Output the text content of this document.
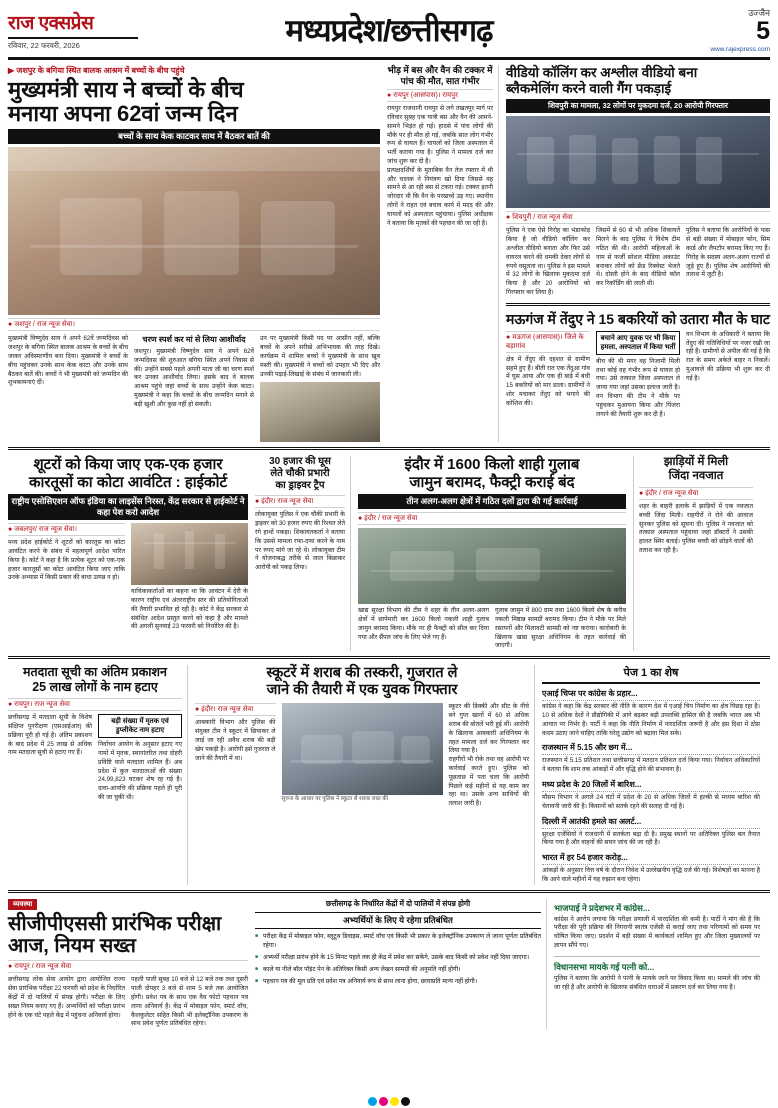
राज एक्सप्रेस
रविवार, 22 फरवरी, 2026	मध्यप्रदेश/छत्तीसगढ़	उज्जैन
5
www.rajexpress.com
▶ जशपुर के बगिया स्थित बालक आश्रम में बच्चों के बीच पहुंचे
मुख्यमंत्री साय ने बच्चों के बीच
मनाया अपना 62वां जन्म दिन
बच्चों के साथ केक काटकर साथ में बैठकर बातें की
● जशपुर / राज न्यूज सेवा।

मुख्यमंत्री विष्णुदेव साय ने अपने 62वें जन्मदिवस को जशपुर के बगिया स्थित बालक आश्रम के बच्चों के बीच जाकर अविस्मरणीय बना दिया। मुख्यमंत्री ने बच्चों के बीच पहुंचकर उनके साथ केक काटा और उनके साथ बैठकर बातें की। बच्चों ने भी मुख्यमंत्री को जन्मदिन की शुभकामनाएं दीं।

चरण स्पर्श कर मां से लिया आशीर्वाद

जशपुर। मुख्यमंत्री विष्णुदेव साय ने अपने 62वें जन्मदिवस की शुरुआत बगिया स्थित अपने निवास से की। उन्होंने सबसे पहले अपनी माता जी का चरण स्पर्श कर उनका आशीर्वाद लिया। इसके बाद वे बालक आश्रम पहुंचे जहां बच्चों के साथ उन्होंने केक काटा। मुख्यमंत्री ने कहा कि बच्चों के बीच जन्मदिन मनाने से बड़ी खुशी और कुछ नहीं हो सकती।

उन पर मुख्यमंत्री किसी पद पर आसीन नहीं, बल्कि बच्चों के अपने सरीखे अभिभावक की तरह दिखे। कार्यक्रम में शामिल बच्चों ने मुख्यमंत्री के साथ खूब मस्ती की। मुख्यमंत्री ने बच्चों को उपहार भी दिए और उनकी पढ़ाई-लिखाई के संबंध में जानकारी ली।

भीड़ में बस और वैन की टक्कर में पांच की मौत, सात गंभीर
● रायपुर (आसपास)। रायपुर

रायपुर राजधानी रायपुर से लगे तखतपुर मार्ग पर रविवार सुबह एक यात्री बस और वैन की आमने-सामने भिड़ंत हो गई। हादसे में पांच लोगों की मौके पर ही मौत हो गई, जबकि सात लोग गंभीर रूप से घायल हैं। घायलों को जिला अस्पताल में भर्ती कराया गया है। पुलिस ने मामला दर्ज कर जांच शुरू कर दी है।

प्रत्यक्षदर्शियों के मुताबिक वैन तेज रफ्तार में थी और चालक ने नियंत्रण खो दिया जिससे वह सामने से आ रही बस से टकरा गई। टक्कर इतनी जोरदार थी कि वैन के परखच्चे उड़ गए। स्थानीय लोगों ने राहत एवं बचाव कार्य में मदद की और घायलों को अस्पताल पहुंचाया। पुलिस अधीक्षक ने बताया कि मृतकों की पहचान की जा रही है।

वीडियो कॉलिंग कर अश्लील वीडियो बना
ब्लैकमेलिंग करने वाली गैंग पकड़ाई
शिवपुरी का मामला, 32 लोगों पर मुकदमा दर्ज, 20 आरोपी गिरफ्तार
● शिवपुरी / राज न्यूज सेवा

पुलिस ने एक ऐसे गिरोह का भंडाफोड़ किया है जो वीडियो कॉलिंग कर अश्लील वीडियो बनाता और फिर उसे वायरल करने की धमकी देकर लोगों से रुपये वसूलता था। पुलिस ने इस मामले में 32 लोगों के खिलाफ मुकदमा दर्ज किया है और 20 आरोपियों को गिरफ्तार कर लिया है।

जिसमें से 60 से भी अधिक शिकायतें मिलने के बाद पुलिस ने विशेष टीम गठित की थी। आरोपी महिलाओं के नाम से फर्जी सोशल मीडिया अकाउंट बनाकर लोगों को फ्रेंड रिक्वेस्ट भेजते थे। दोस्ती होने के बाद वीडियो कॉल कर रिकॉर्डिंग की जाती थी।

पुलिस ने बताया कि आरोपियों के पास से बड़ी संख्या में मोबाइल फोन, सिम कार्ड और लैपटॉप बरामद किए गए हैं। गिरोह के सदस्य अलग-अलग राज्यों से जुड़े हुए हैं। पुलिस शेष आरोपियों की तलाश में जुटी है।

मऊगंज में तेंदुए ने 15 बकरियों को उतारा मौत के घाट
● मऊगंज (आसपास)। जिले के बड़ागांव

क्षेत्र में तेंदुए की दहशत से ग्रामीण सहमे हुए हैं। बीती रात एक तेंदुआ गांव में घुस आया और एक ही बाड़े में बंधी 15 बकरियों को मार डाला। ग्रामीणों ने शोर मचाकर तेंदुए को भगाने की कोशिश की।

बचाने आए युवक पर भी किया हमला, अस्पताल में किया भर्ती

बीच की थी मगर वह निजामी मिली तथा कोई वह गंभीर रूप से घायल हो गया। उसे तत्काल जिला अस्पताल ले जाया गया जहां उसका इलाज जारी है। वन विभाग की टीम ने मौके पर पहुंचकर मुआयना किया और पिंजरा लगाने की तैयारी शुरू कर दी है।

वन विभाग के अधिकारी ने बताया कि तेंदुए की गतिविधियों पर नजर रखी जा रही है। ग्रामीणों से अपील की गई है कि रात के समय अकेले बाहर न निकलें। मुआवजे की प्रक्रिया भी शुरू कर दी गई है।

शूटरों को किया जाए एक-एक हजार
कारतूसों का कोटा आवंटित : हाईकोर्ट
राष्ट्रीय एसोसिएशन ऑफ इंडिया का लाइसेंस निरस्त, केंद्र सरकार से हाईकोर्ट ने कहा पेश करो आदेश
● जबलपुर/ राज न्यूज सेवा।

मध्य प्रदेश हाईकोर्ट ने शूटरों को कारतूस का कोटा आवंटित करने के संबंध में महत्वपूर्ण आदेश पारित किया है। कोर्ट ने कहा है कि प्रत्येक शूटर को एक-एक हजार कारतूसों का कोटा आवंटित किया जाए ताकि उनके अभ्यास में किसी प्रकार की बाधा उत्पन्न न हो।

याचिकाकर्ताओं का कहना था कि आवंटन में देरी के कारण राष्ट्रीय एवं अंतरराष्ट्रीय स्तर की प्रतियोगिताओं की तैयारी प्रभावित हो रही है। कोर्ट ने केंद्र सरकार से संबंधित आदेश प्रस्तुत करने को कहा है और मामले की अगली सुनवाई 23 फरवरी को निर्धारित की है।

30 हजार की घूस
लेते चौकी प्रभारी
का ड्राइवर ट्रैप
● इंदौर। राज न्यूज सेवा

लोकायुक्त पुलिस ने एक चौकी प्रभारी के ड्राइवर को 30 हजार रुपए की रिश्वत लेते रंगे हाथों पकड़ा। शिकायतकर्ता ने बताया कि उससे मामला रफा-दफा करने के नाम पर रुपए मांगे जा रहे थे। लोकायुक्त टीम ने योजनाबद्ध तरीके से जाल बिछाकर आरोपी को पकड़ लिया।

इंदौर में 1600 किलो शाही गुलाब
जामुन बरामद, फैक्ट्री कराई बंद
तीन अलग-अलग क्षेत्रों में गठित दलों द्वारा की गई कार्रवाई
● इंदौर / राज न्यूज सेवा

खाद्य सुरक्षा विभाग की टीम ने शहर के तीन अलग-अलग क्षेत्रों में छापेमारी कर 1600 किलो नकली शाही गुलाब जामुन बरामद किया। मौके पर ही फैक्ट्री को सील कर दिया गया और सैंपल जांच के लिए भेजे गए हैं।

गुलाब जामुन में 800 ग्राम तथा 1600 किलो शेष के करीब नकली मिष्ठान्न सामग्री बरामद किया। टीम ने मौके पर मिले रसायनों और मिलावटी सामग्री को नष्ट कराया। कारोबारी के खिलाफ खाद्य सुरक्षा अधिनियम के तहत कार्रवाई की जाएगी।

झाड़ियों में मिली
जिंदा नवजात
● इंदौर / राज न्यूज सेवा

शहर के बाहरी इलाके में झाड़ियों में एक नवजात बच्ची जिंदा मिली। राहगीरों ने रोने की आवाज सुनकर पुलिस को सूचना दी। पुलिस ने नवजात को तत्काल अस्पताल पहुंचाया जहां डॉक्टरों ने उसकी हालत स्थिर बताई। पुलिस बच्ची को छोड़ने वालों की तलाश कर रही है।

मतदाता सूची का अंतिम प्रकाशन
25 लाख लोगों के नाम हटाए
● रायपुर। राज न्यूज सेवा

छत्तीसगढ़ में मतदाता सूची के विशेष संक्षिप्त पुनरीक्षण (एसआईआर) की प्रक्रिया पूरी हो गई है। अंतिम प्रकाशन के बाद प्रदेश में 25 लाख से अधिक नाम मतदाता सूची से हटाए गए हैं।

बड़ी संख्या में मृतक एवं डुप्लीकेट नाम हटाए

निर्वाचन आयोग के अनुसार हटाए गए नामों में मृतक, स्थानांतरित तथा दोहरी प्रविष्टि वाले मतदाता शामिल हैं। अब प्रदेश में कुल मतदाताओं की संख्या 24,99,823 घटकर शेष रह गई है। दावा-आपत्ति की प्रक्रिया पहले ही पूरी की जा चुकी थी।

स्कूटरें में शराब की तस्करी, गुजरात ले
जाने की तैयारी में एक युवक गिरफ्तार
● इंदौर। राज न्यूज सेवा

आबकारी विभाग और पुलिस की संयुक्त टीम ने स्कूटर में छिपाकर ले जाई जा रही अवैध शराब की बड़ी खेप पकड़ी है। आरोपी इसे गुजरात ले जाने की तैयारी में था।

सूचना के आधार पर पुलिस ने स्कूटर से शराब जब्त की

स्कूटर की डिक्की और सीट के नीचे बने गुप्त खानों में 60 से अधिक शराब की बोतलें भरी हुई थीं। आरोपी के खिलाफ आबकारी अधिनियम के तहत मामला दर्ज कर गिरफ्तार कर लिया गया है।

राहगीरों भी रोके तथा वह आरोपी पर कार्रवाई करते हुए। पुलिस को पूछताछ में पता चला कि आरोपी पिछले कई महीनों से यह काम कर रहा था। उसके अन्य साथियों की तलाश जारी है।

पेज 1 का शेष
एआई चिप्स पर कांग्रेस के प्रहार...

कांग्रेस ने कहा कि केंद्र सरकार की नीति के कारण देश में एआई चिप निर्माण का क्षेत्र पिछड़ रहा है। 10 से अधिक देशों ने प्रौद्योगिकी में आगे बढ़कर बड़ी उपलब्धि हासिल की है जबकि भारत अब भी आयात पर निर्भर है। पार्टी ने कहा कि नीति निर्माण में पारदर्शिता जरूरी है और इस दिशा में ठोस कदम उठाए जाने चाहिए ताकि घरेलू उद्योग को बढ़ावा मिल सके।

राजस्थान में 5.15 और छग में...

राजस्थान में 5.15 प्रतिशत तथा छत्तीसगढ़ में मतदान प्रतिशत दर्ज किया गया। निर्वाचन अधिकारियों ने बताया कि शाम तक आंकड़ों में और वृद्धि होने की संभावना है।

मध्य प्रदेश के 20 जिलों में बारिश...

मौसम विभाग ने अगले 24 घंटों में प्रदेश के 20 से अधिक जिलों में हल्की से मध्यम बारिश की चेतावनी जारी की है। किसानों को सतर्क रहने की सलाह दी गई है।

दिल्ली में आतंकी हमले का अलर्ट...

सुरक्षा एजेंसियों ने राजधानी में सतर्कता बढ़ा दी है। प्रमुख स्थानों पर अतिरिक्त पुलिस बल तैनात किया गया है और वाहनों की सघन जांच की जा रही है।

भारत में हर 54 हजार करोड़...

आंकड़ों के अनुसार वित्त वर्ष के दौरान निवेश में उल्लेखनीय वृद्धि दर्ज की गई। विशेषज्ञों का मानना है कि आने वाले महीनों में यह रुझान बना रहेगा।

व्यवस्था
सीजीपीएससी प्रारंभिक परीक्षा आज, नियम सख्त
● रायपुर / राज न्यूज सेवा

छत्तीसगढ़ लोक सेवा आयोग द्वारा आयोजित राज्य सेवा प्रारंभिक परीक्षा 22 फरवरी को प्रदेश के निर्धारित केंद्रों में दो पालियों में संपन्न होगी। परीक्षा के लिए सख्त नियम बनाए गए हैं। अभ्यर्थियों को परीक्षा प्रारंभ होने के एक घंटे पहले केंद्र में पहुंचना अनिवार्य होगा।

पहली पाली सुबह 10 बजे से 12 बजे तक तथा दूसरी पाली दोपहर 3 बजे से शाम 5 बजे तक आयोजित होगी। प्रवेश पत्र के साथ एक वैध फोटो पहचान पत्र लाना अनिवार्य है। केंद्र में मोबाइल फोन, स्मार्ट वॉच, कैलकुलेटर सहित किसी भी इलेक्ट्रॉनिक उपकरण के साथ प्रवेश पूर्णतः प्रतिबंधित रहेगा।

छत्तीसगढ़ के निर्धारित केंद्रों में दो पालियों में संपन्न होगी
अभ्यर्थियों के लिए ये रहेगा प्रतिबंधित
■ परीक्षा केंद्र में मोबाइल फोन, ब्लूटूथ डिवाइस, स्मार्ट वॉच एवं किसी भी प्रकार के इलेक्ट्रॉनिक उपकरण ले जाना पूर्णतः प्रतिबंधित रहेगा।
■ अभ्यर्थी परीक्षा प्रारंभ होने के 15 मिनट पहले तक ही केंद्र में प्रवेश कर सकेंगे, उसके बाद किसी को प्रवेश नहीं दिया जाएगा।
■ काले या नीले बॉल पॉइंट पेन के अतिरिक्त किसी अन्य लेखन सामग्री की अनुमति नहीं होगी।
■ पहचान पत्र की मूल प्रति एवं प्रवेश पत्र अनिवार्य रूप से साथ लाना होगा, छायाप्रति मान्य नहीं होगी।
भाजपाई ने प्रदेशभर में कांग्रेस...

कांग्रेस ने आरोप लगाया कि परीक्षा प्रणाली में पारदर्शिता की कमी है। पार्टी ने मांग की है कि परीक्षा की पूरी प्रक्रिया की निगरानी स्वतंत्र एजेंसी से कराई जाए तथा परिणामों को समय पर घोषित किया जाए। प्रदर्शन में बड़ी संख्या में कार्यकर्ता शामिल हुए और जिला मुख्यालयों पर ज्ञापन सौंपे गए।

विधानसभा मायके गई पत्नी को...

पुलिस ने बताया कि आरोपी ने पत्नी के मायके जाने पर विवाद किया था। मामले की जांच की जा रही है और आरोपी के खिलाफ संबंधित धाराओं में प्रकरण दर्ज कर लिया गया है।
